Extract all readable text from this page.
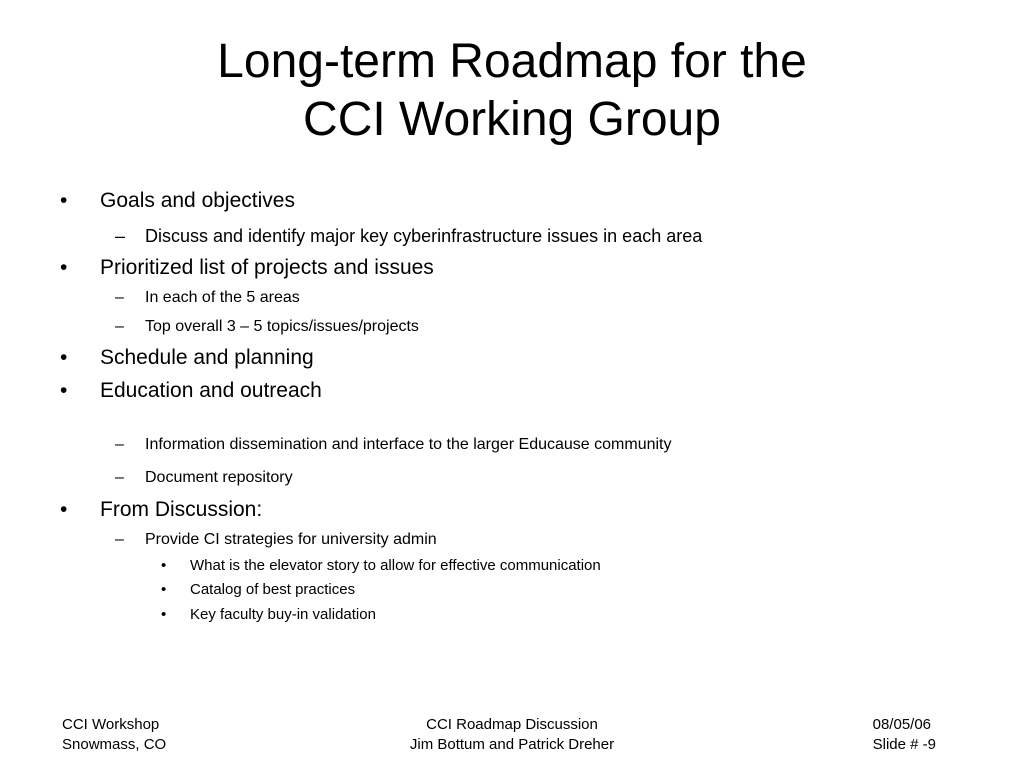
Long-term Roadmap for the
CCI Working Group
• Goals and objectives
– Discuss and identify major key cyberinfrastructure issues in each area
• Prioritized list of projects and issues
– In each of the 5 areas
– Top overall 3 – 5 topics/issues/projects
• Schedule and planning
• Education and outreach
– Information dissemination and interface to the larger Educause community
– Document repository
• From Discussion:
– Provide CI strategies for university admin
• What is the elevator story to allow for effective communication
• Catalog of best practices
• Key faculty buy-in validation
CCI Workshop
Snowmass, CO
CCI Roadmap Discussion
Jim Bottum and Patrick Dreher
08/05/06
Slide # -9
